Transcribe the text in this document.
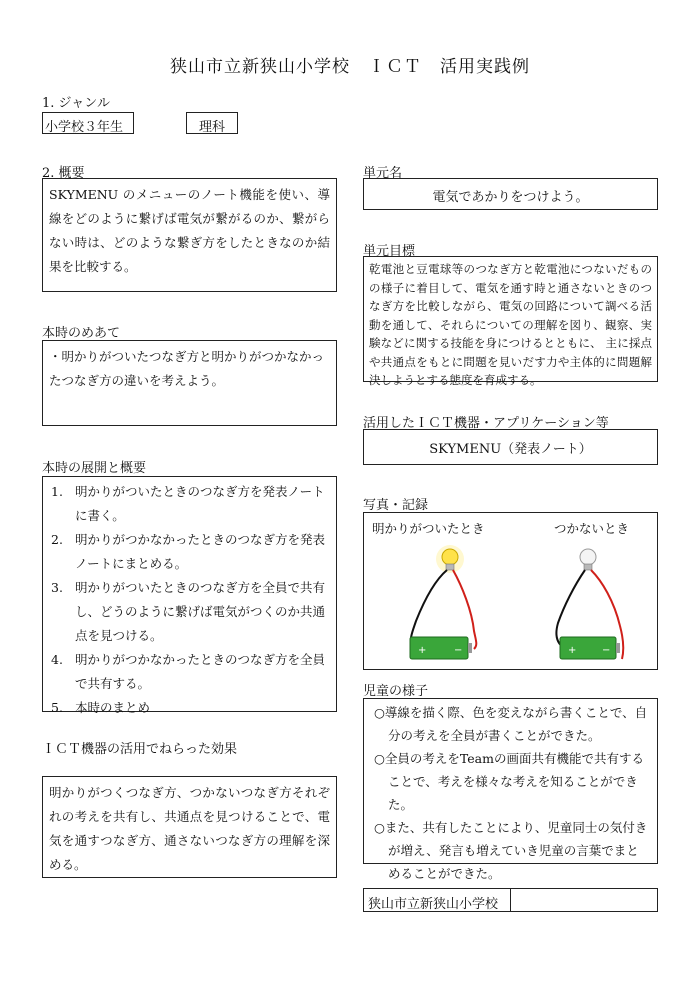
狭山市立新狭山小学校　ＩＣＴ　活用実践例
1. ジャンル
小学校３年生	理科
2. 概要
SKYMENU のメニューのノート機能を使い、導線をどのように繋げば電気が繋がるのか、繋がらない時は、どのような繋ぎ方をしたときなのか結果を比較する。
本時のめあて
・明かりがついたつなぎ方と明かりがつかなかったつなぎ方の違いを考えよう。
本時の展開と概要
1. 明かりがついたときのつなぎ方を発表ノートに書く。
2. 明かりがつかなかったときのつなぎ方を発表ノートにまとめる。
3. 明かりがついたときのつなぎ方を全員で共有し、どうのように繋げば電気がつくのか共通点を見つける。
4. 明かりがつかなかったときのつなぎ方を全員で共有する。
5. 本時のまとめ
ＩＣＴ機器の活用でねらった効果
明かりがつくつなぎ方、つかないつなぎ方それぞれの考えを共有し、共通点を見つけることで、電気を通すつなぎ方、通さないつなぎ方の理解を深める。
単元名
電気であかりをつけよう。
単元目標
乾電池と豆電球等のつなぎ方と乾電池につないだものの様子に着目して、電気を通す時と通さないときのつなぎ方を比較しながら、電気の回路について調べる活動を通して、それらについての理解を図り、観察、実験などに関する技能を身につけるとともに、 主に採点や共通点をもとに問題を見いだす力や主体的に問題解決しようとする態度を育成する。
活用したＩＣＴ機器・アプリケーション等
SKYMENU（発表ノート）
写真・記録
明かりがついたとき	つかないとき
+	−	+	−
児童の様子

○導線を描く際、色を変えながら書くことで、自分の考えを全員が書くことができた。

○全員の考えをTeamの画面共有機能で共有することで、考えを様々な考えを知ることができた。

○また、共有したことにより、児童同士の気付きが増え、発言も増えていき児童の言葉でまとめることができた。

狭山市立新狭山小学校
